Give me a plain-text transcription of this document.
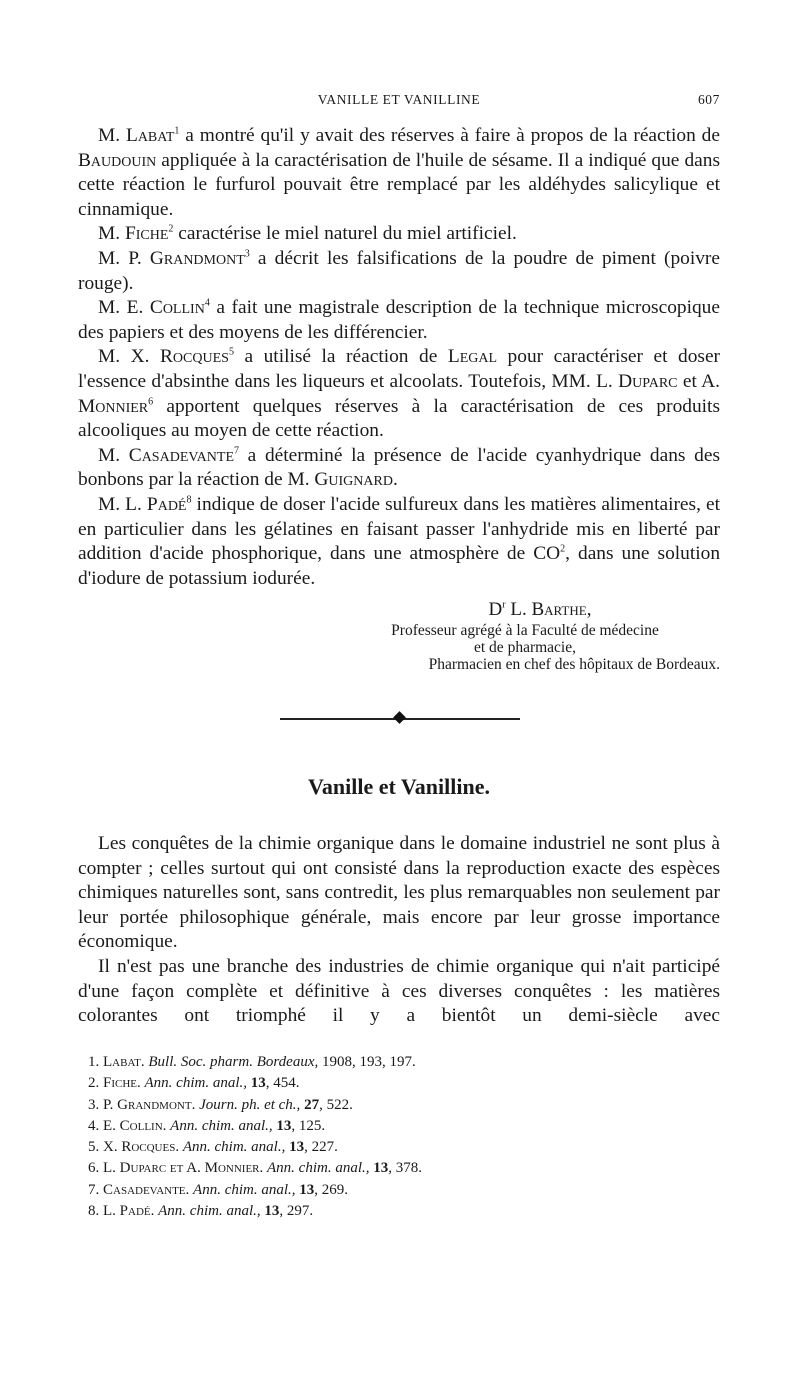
VANILLE ET VANILLINE	607

M. Labat$^1$ a montré qu'il y avait des réserves à faire à propos de la réaction de Baudouin appliquée à la caractérisation de l'huile de sésame. Il a indiqué que dans cette réaction le furfurol pouvait être remplacé par les aldéhydes salicylique et cinnamique.

M. Fiche$^2$ caractérise le miel naturel du miel artificiel.

M. P. Grandmont$^3$ a décrit les falsifications de la poudre de piment (poivre rouge).

M. E. Collin$^4$ a fait une magistrale description de la technique microscopique des papiers et des moyens de les différencier.

M. X. Rocques$^5$ a utilisé la réaction de Legal pour caractériser et doser l'essence d'absinthe dans les liqueurs et alcoolats. Toutefois, MM. L. Duparc et A. Monnier$^6$ apportent quelques réserves à la caractérisation de ces produits alcooliques au moyen de cette réaction.

M. Casadevante$^7$ a déterminé la présence de l'acide cyanhydrique dans des bonbons par la réaction de M. Guignard.

M. L. Padé$^8$ indique de doser l'acide sulfureux dans les matières alimentaires, et en particulier dans les gélatines en faisant passer l'anhydride mis en liberté par addition d'acide phosphorique, dans une atmosphère de $CO^2$, dans une solution d'iodure de potassium iodurée.

$D^r$ L. Barthe,
Professeur agrégé à la Faculté de médecine
et de pharmacie,
Pharmacien en chef des hôpitaux de Bordeaux.
Vanille et Vanilline.

Les conquêtes de la chimie organique dans le domaine industriel ne sont plus à compter ; celles surtout qui ont consisté dans la reproduction exacte des espèces chimiques naturelles sont, sans contredit, les plus remarquables non seulement par leur portée philosophique générale, mais encore par leur grosse importance économique.

Il n'est pas une branche des industries de chimie organique qui n'ait participé d'une façon complète et définitive à ces diverses conquêtes : les matières colorantes ont triomphé il y a bientôt un demi-siècle avec

1. Labat. Bull. Soc. pharm. Bordeaux, 1908, 193, 197.

2. Fiche. Ann. chim. anal., 13, 454.

3. P. Grandmont. Journ. ph. et ch., 27, 522.

4. E. Collin. Ann. chim. anal., 13, 125.

5. X. Rocques. Ann. chim. anal., 13, 227.

6. L. Duparc et A. Monnier. Ann. chim. anal., 13, 378.

7. Casadevante. Ann. chim. anal., 13, 269.

8. L. Padé. Ann. chim. anal., 13, 297.
